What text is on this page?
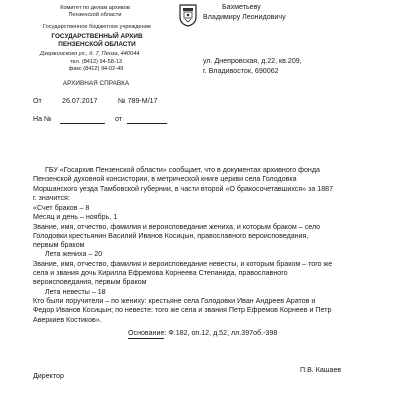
Комитет по делам архивов
Пензенской области
Государственное бюджетное учреждение
ГОСУДАРСТВЕННЫЙ АРХИВ
ПЕНЗЕНСКОЙ ОБЛАСТИ
Дзержинского ул., д. 7, Пенза, 440044
тел. (8412) 94-58-13
факс (8412) 94-02-49
АРХИВНАЯ СПРАВКА
От	26.07.2017	№ 789-М/17
На №	от
Бахметьеву
Владимиру Леонидовичу
ул. Днепровская, д.22, кв.209,
г. Владивосток, 690062
ГБУ «Госархив Пензенской области» сообщает, что в документах архивного фонда
Пензенской духовной консистории, в метрической книге церкви села Голодовка
Моршанского уезда Тамбовской губернии, в части второй «О бракосочетавшихся» за 1887
г. значится:
«Счет браков – 8
Месяц и день – ноябрь, 1
Звание, имя, отчество, фамилия и вероисповедание жениха, и которым браком – село
Голодовки крестьянин Василий Иванов Косицын, православного вероисповедания,
первым браком
Лета жениха – 20
Звание, имя, отчество, фамилия и вероисповедание невесты, и которым браком – того же
села и звания дочь Кирилла Ефремова Корнеева Степанида, православного
вероисповедания, первым браком
Лета невесты – 18
Кто были поручители – по жениху: крестьяне села Голодовки Иван Андреев Аратов и
Федор Иванов Косицын; по невесте: того же села и звания Петр Ефремов Корнеев и Петр
Аверкиев Костиков».
Основание: Ф.182, оп.12, д.52, лл.397об.-398
Директор
П.В. Кашаев
